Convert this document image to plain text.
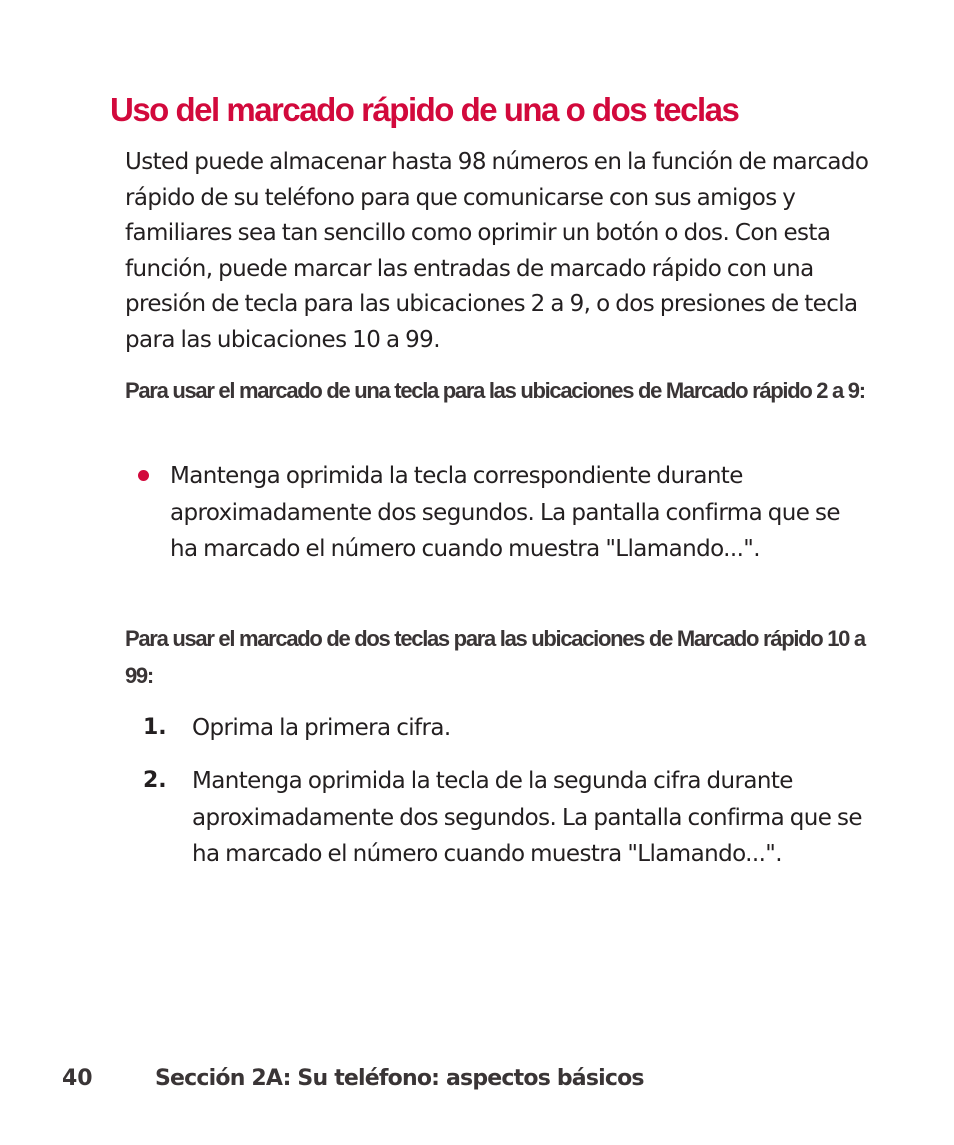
Uso del marcado rápido de una o dos teclas

Usted puede almacenar hasta 98 números en la función de marcado rápido de su teléfono para que comunicarse con sus amigos y familiares sea tan sencillo como oprimir un botón o dos. Con esta función, puede marcar las entradas de marcado rápido con una presión de tecla para las ubicaciones 2 a 9, o dos presiones de tecla para las ubicaciones 10 a 99.

Para usar el marcado de una tecla para las ubicaciones de Marcado rápido 2 a 9:

Mantenga oprimida la tecla correspondiente durante aproximadamente dos segundos. La pantalla confirma que se ha marcado el número cuando muestra "Llamando...".

Para usar el marcado de dos teclas para las ubicaciones de Marcado rápido 10 a 99:

1. Oprima la primera cifra.

2. Mantenga oprimida la tecla de la segunda cifra durante aproximadamente dos segundos. La pantalla confirma que se ha marcado el número cuando muestra "Llamando...".

40	Sección 2A: Su teléfono: aspectos básicos
